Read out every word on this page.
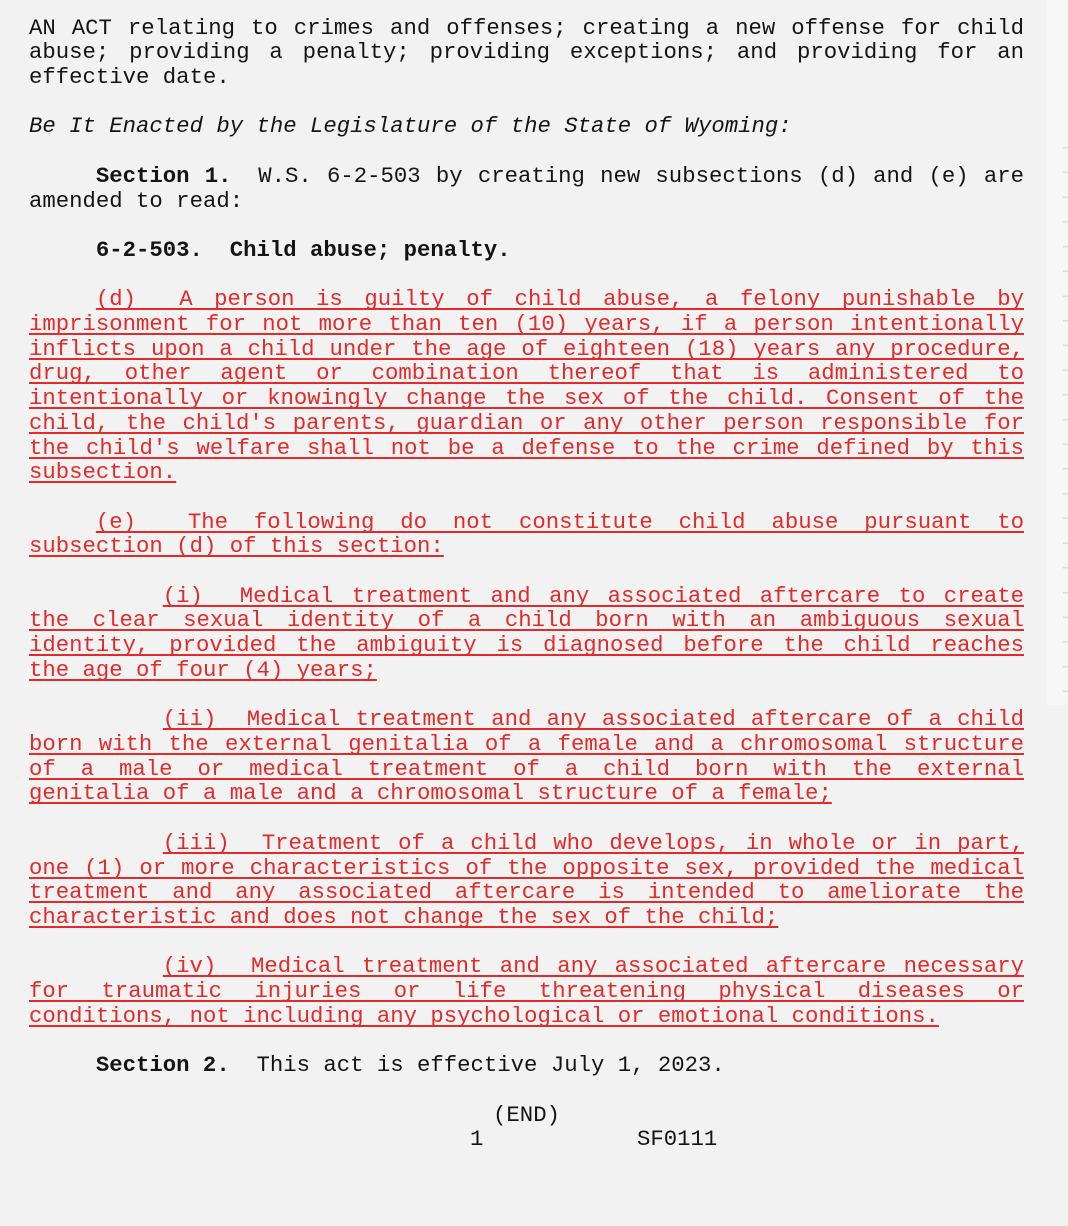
AN ACT relating to crimes and offenses; creating a new offense for child
abuse; providing a penalty; providing exceptions; and providing for an
effective date.
Be It Enacted by the Legislature of the State of Wyoming:
Section 1. W.S. 6-2-503 by creating new subsections (d) and (e) are
amended to read:
6-2-503.  Child abuse; penalty.
(d)  A person is guilty of child abuse, a felony punishable by
imprisonment for not more than ten (10) years, if a person intentionally
inflicts upon a child under the age of eighteen (18) years any procedure,
drug, other agent or combination thereof that is administered to
intentionally or knowingly change the sex of the child. Consent of the
child, the child's parents, guardian or any other person responsible for
the child's welfare shall not be a defense to the crime defined by this
subsection.
(e)  The following do not constitute child abuse pursuant to
subsection (d) of this section:
(i)  Medical treatment and any associated aftercare to create
the clear sexual identity of a child born with an ambiguous sexual
identity, provided the ambiguity is diagnosed before the child reaches
the age of four (4) years;
(ii)  Medical treatment and any associated aftercare of a child
born with the external genitalia of a female and a chromosomal structure
of a male or medical treatment of a child born with the external
genitalia of a male and a chromosomal structure of a female;
(iii)  Treatment of a child who develops, in whole or in part,
one (1) or more characteristics of the opposite sex, provided the medical
treatment and any associated aftercare is intended to ameliorate the
characteristic and does not change the sex of the child;
(iv)  Medical treatment and any associated aftercare necessary
for traumatic injuries or life threatening physical diseases or
conditions, not including any psychological or emotional conditions.
Section 2. This act is effective July 1, 2023.
(END)

1

	SF0111
